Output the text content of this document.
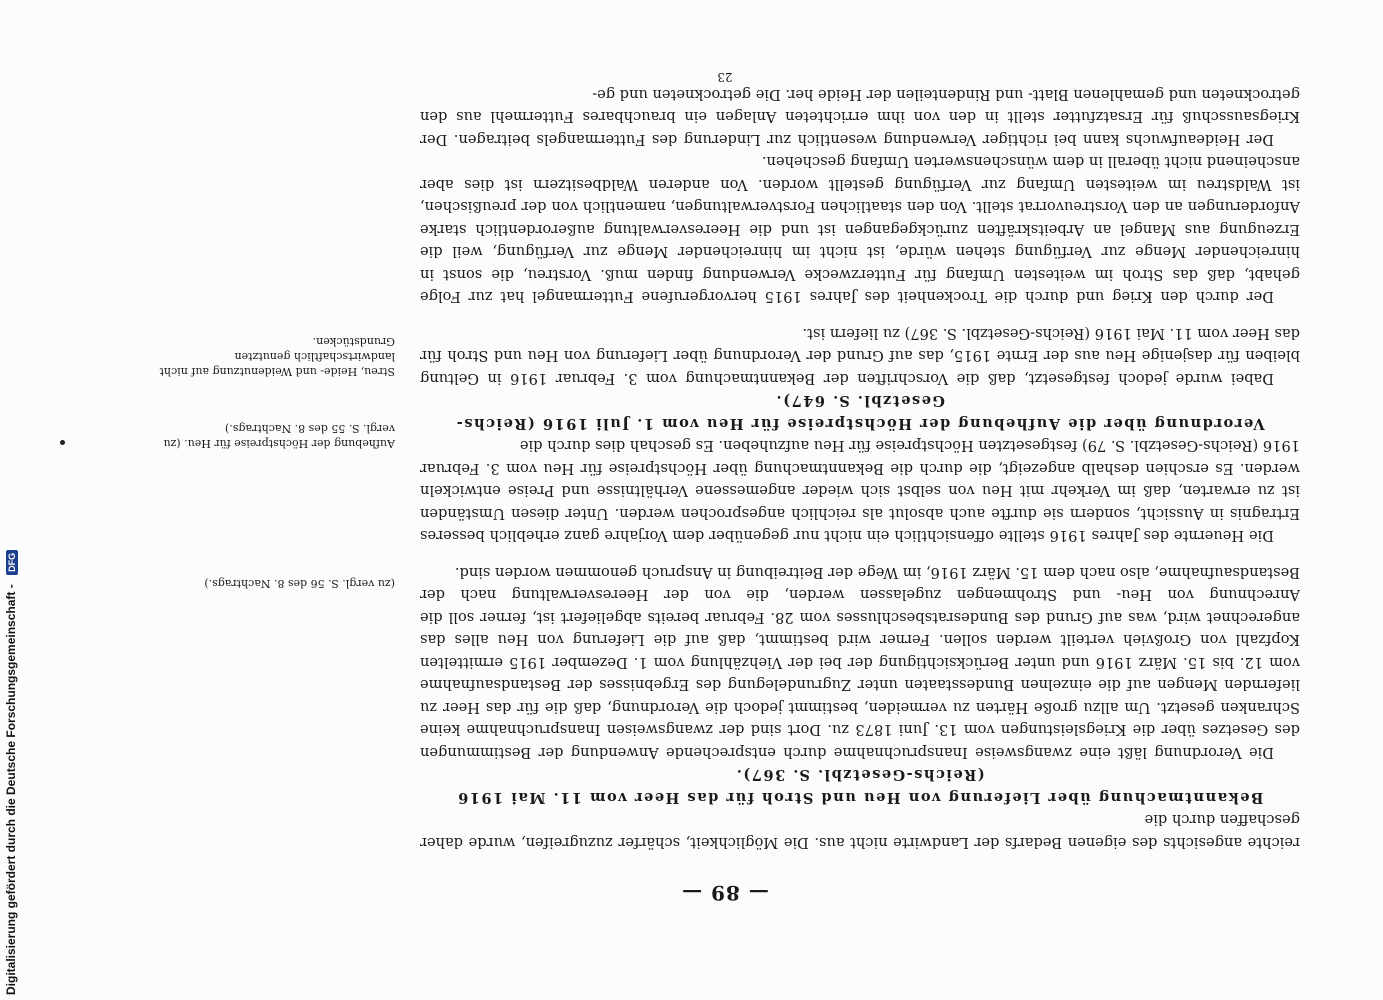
Digitalisierung gefördert durch die Deutsche Forschungsgemeinschaft - DFG
— 89 —

reichte angesichts des eigenen Bedarfs der Landwirte nicht aus. Die Möglichkeit, schärfer zuzugreifen, wurde daher geschaffen durch die

Bekanntmachung über Lieferung von Heu und Stroh für das Heer vom 11. Mai 1916 (Reichs-Gesetzbl. S. 367).

Die Verordnung läßt eine zwangsweise Inanspruchnahme durch entsprechende Anwendung der Bestimmungen des Gesetzes über die Kriegsleistungen vom 13. Juni 1873 zu. Dort sind der zwangsweisen Inanspruchnahme keine Schranken gesetzt. Um allzu große Härten zu vermeiden, bestimmt jedoch die Verordnung, daß die für das Heer zu liefernden Mengen auf die einzelnen Bundesstaaten unter Zugrundelegung des Ergebnisses der Bestandsaufnahme vom 12. bis 15. März 1916 und unter Berücksichtigung der bei der Viehzählung vom 1. Dezember 1915 ermittelten Kopfzahl von Großvieh verteilt werden sollen. Ferner wird bestimmt, daß auf die Lieferung von Heu alles das angerechnet wird, was auf Grund des Bundesratsbeschlusses vom 28. Februar bereits abgeliefert ist, ferner soll die Anrechnung von Heu- und Strohmengen zugelassen werden, die von der Heeresverwaltung nach der Bestandsaufnahme, also nach dem 15. März 1916, im Wege der Beitreibung in Anspruch genommen worden sind.

Die Heuernte des Jahres 1916 stellte offensichtlich ein nicht nur gegenüber dem Vorjahre ganz erheblich besseres Ertragnis in Aussicht, sondern sie durfte auch absolut als reichlich angesprochen werden. Unter diesen Umständen ist zu erwarten, daß im Verkehr mit Heu von selbst sich wieder angemessene Verhältnisse und Preise entwickeln werden. Es erschien deshalb angezeigt, die durch die Bekanntmachung über Höchstpreise für Heu vom 3. Februar 1916 (Reichs-Gesetzbl. S. 79) festgesetzten Höchstpreise für Heu aufzuheben. Es geschah dies durch die

Verordnung über die Aufhebung der Höchstpreise für Heu vom 1. Juli 1916 (Reichs-Gesetzbl. S. 647).

Dabei wurde jedoch festgesetzt, daß die Vorschriften der Bekanntmachung vom 3. Februar 1916 in Geltung bleiben für dasjenige Heu aus der Ernte 1915, das auf Grund der Verordnung über Lieferung von Heu und Stroh für das Heer vom 11. Mai 1916 (Reichs-Gesetzbl. S. 367) zu liefern ist.

Der durch den Krieg und durch die Trockenheit des Jahres 1915 hervorgerufene Futtermangel hat zur Folge gehabt, daß das Stroh im weitesten Umfang für Futterzwecke Verwendung finden muß. Vorstreu, die sonst in hinreichender Menge zur Verfügung stehen würde, ist nicht im hinreichender Menge zur Verfügung, weil die Erzeugung aus Mangel an Arbeitskräften zurückgegangen ist und die Heeresverwaltung außerordentlich starke Anforderungen an den Vorstreuvorrat stellt. Von den staatlichen Forstverwaltungen, namentlich von der preußischen, ist Waldstreu im weitesten Umfang zur Verfügung gestellt worden. Von anderen Waldbesitzern ist dies aber anscheinend nicht überall in dem wünschenswerten Umfang geschehen.

Der Heideaufwuchs kann bei richtiger Verwendung wesentlich zur Linderung des Futtermangels beitragen. Der Kriegsausschuß für Ersatzfutter stellt in den von ihm errichteten Anlagen ein brauchbares Futtermehl aus den getrockneten und gemahlenen Blatt- und Rindenteilen der Heide her. Die getrockneten und ge-

(zu vergl. S. 56 des 8. Nachtrags.)

Aufhebung der Höchstpreise für Heu. (zu vergl. S. 55 des 8. Nachtrags.)

Streu, Heide- und Weidenutzung auf nicht landwirtschaftlich genutzten Grundstücken.

23
